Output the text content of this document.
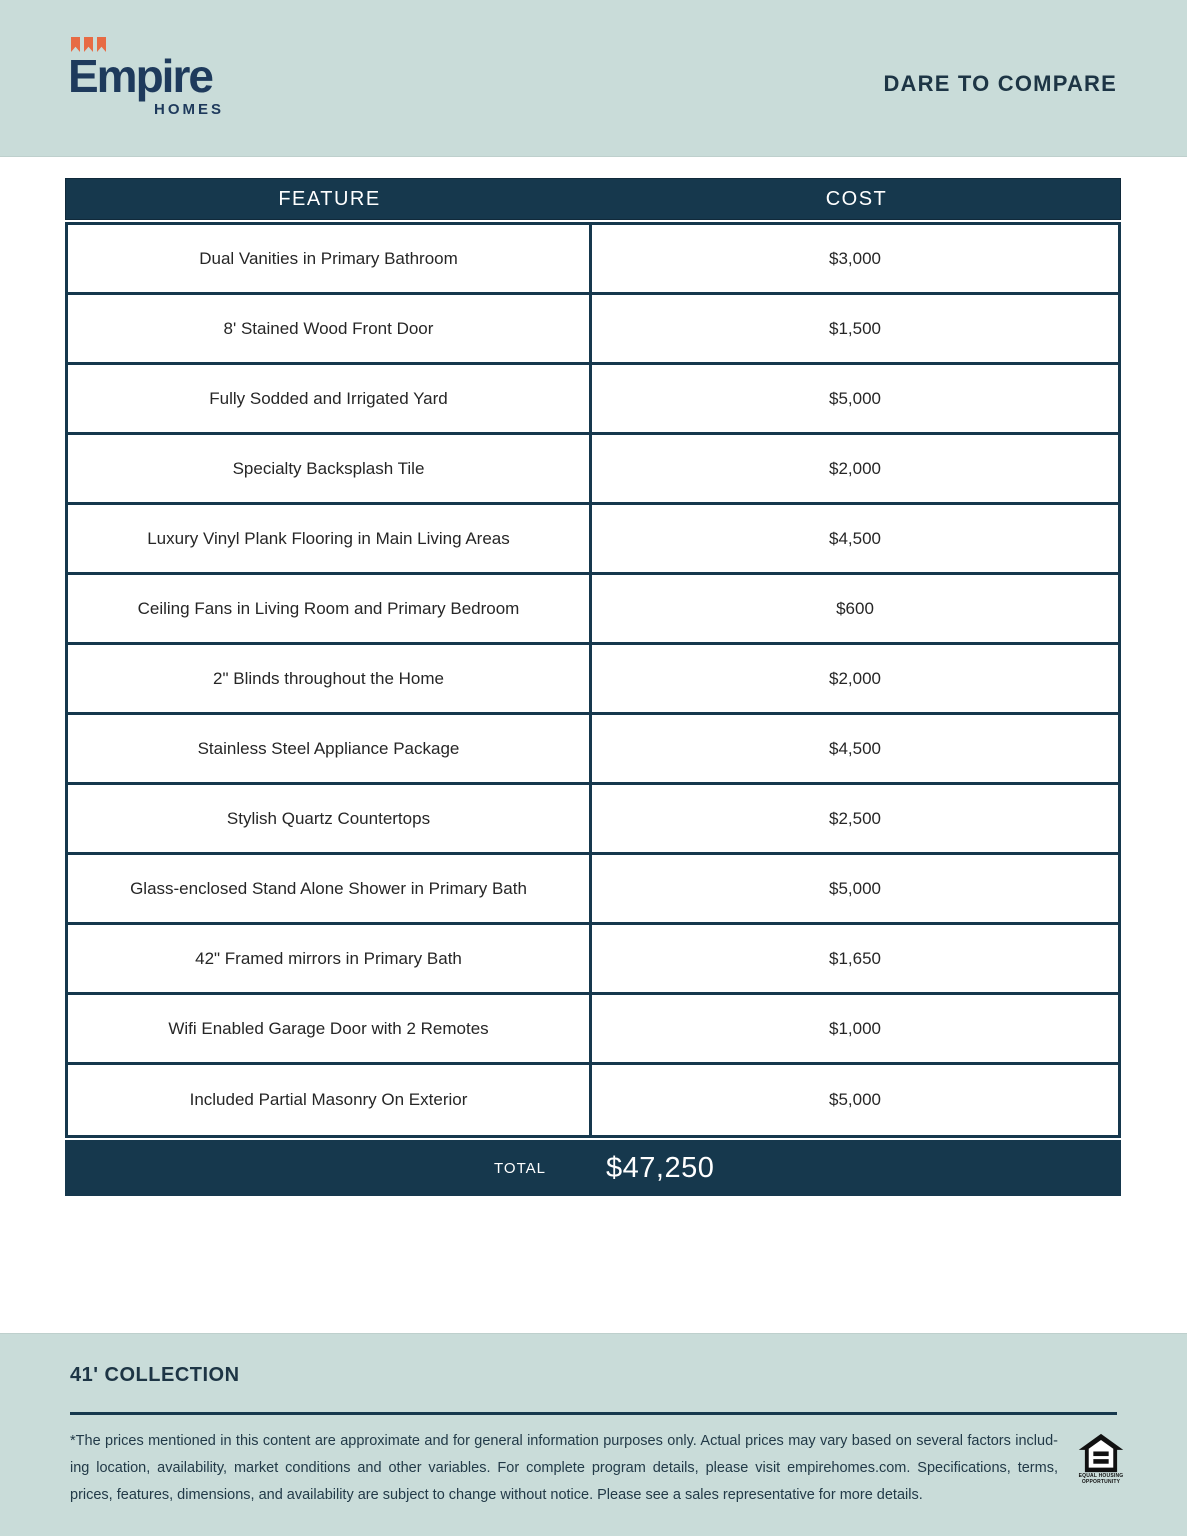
Empire
HOMES
DARE TO COMPARE
FEATURE	COST
Dual Vanities in Primary Bathroom	$3,000
8' Stained Wood Front Door	$1,500
Fully Sodded and Irrigated Yard	$5,000
Specialty Backsplash Tile	$2,000
Luxury Vinyl Plank Flooring in Main Living Areas	$4,500
Ceiling Fans in Living Room and Primary Bedroom	$600
2" Blinds throughout the Home	$2,000
Stainless Steel Appliance Package	$4,500
Stylish Quartz Countertops	$2,500
Glass-enclosed Stand Alone Shower in Primary Bath	$5,000
42" Framed mirrors in Primary Bath	$1,650
Wifi Enabled Garage Door with 2 Remotes	$1,000
Included Partial Masonry On Exterior	$5,000
TOTAL	$47,250
41' COLLECTION
*The prices mentioned in this content are approximate and for general information purposes only. Actual prices may vary based on several factors includ-ing location, availability, market conditions and other variables. For complete program details, please visit empirehomes.com. Specifications, terms, prices, features, dimensions, and availability are subject to change without notice. Please see a sales representative for more details.
EQUAL HOUSING OPPORTUNITY
